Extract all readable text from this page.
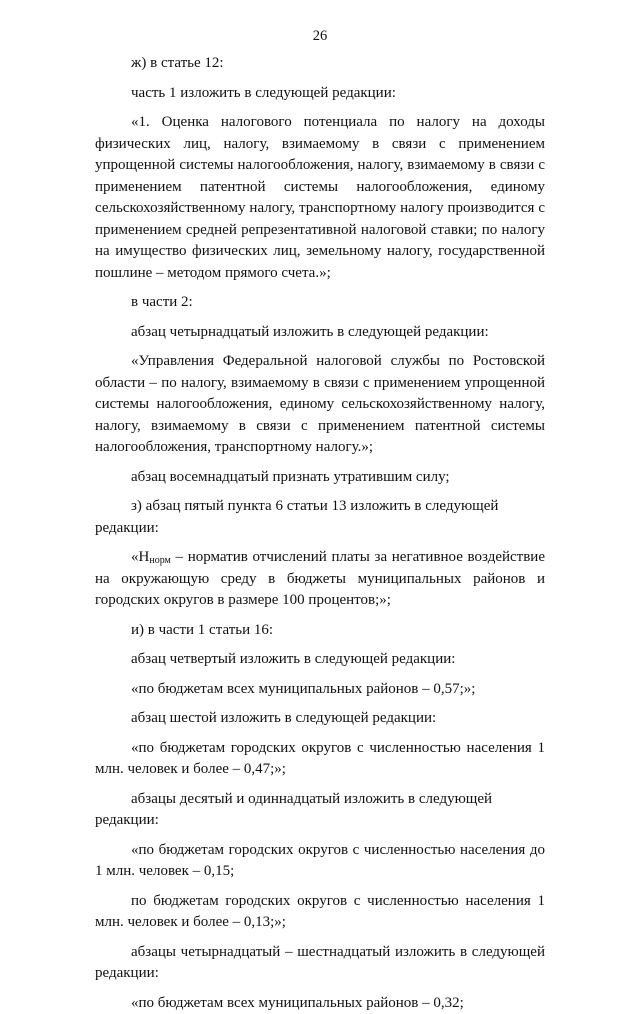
26

ж) в статье 12:

часть 1 изложить в следующей редакции:

«1. Оценка налогового потенциала по налогу на доходы физических лиц, налогу, взимаемому в связи с применением упрощенной системы налогообложения, налогу, взимаемому в связи с применением патентной системы налогообложения, единому сельскохозяйственному налогу, транспортному налогу производится с применением средней репрезентативной налоговой ставки; по налогу на имущество физических лиц, земельному налогу, государственной пошлине – методом прямого счета.»;

в части 2:

абзац четырнадцатый изложить в следующей редакции:

«Управления Федеральной налоговой службы по Ростовской области – по налогу, взимаемому в связи с применением упрощенной системы налогообложения, единому сельскохозяйственному налогу, налогу, взимаемому в связи с применением патентной системы налогообложения, транспортному налогу.»;

абзац восемнадцатый признать утратившим силу;

з) абзац пятый пункта 6 статьи 13 изложить в следующей редакции:

«$Н_{норм}$ – норматив отчислений платы за негативное воздействие на окружающую среду в бюджеты муниципальных районов и городских округов в размере 100 процентов;»;

и) в части 1 статьи 16:

абзац четвертый изложить в следующей редакции:

«по бюджетам всех муниципальных районов – 0,57;»;

абзац шестой изложить в следующей редакции:

«по бюджетам городских округов с численностью населения 1 млн. человек и более – 0,47;»;

абзацы десятый и одиннадцатый изложить в следующей редакции:

«по бюджетам городских округов с численностью населения до 1 млн. человек – 0,15;

по бюджетам городских округов с численностью населения 1 млн. человек и более – 0,13;»;

абзацы четырнадцатый – шестнадцатый изложить в следующей редакции:

«по бюджетам всех муниципальных районов – 0,32;
